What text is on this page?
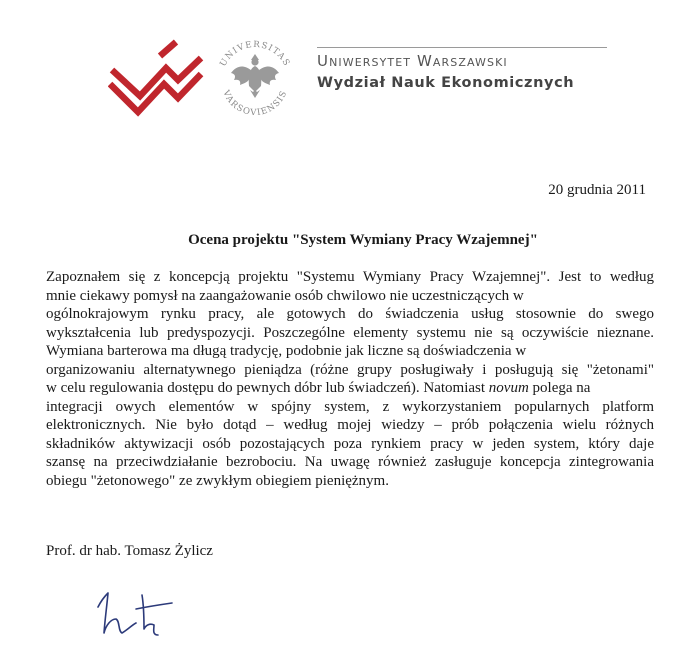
UNIVERSITAS
VARSOVIENSIS
Uniwersytet Warszawski
Wydział Nauk Ekonomicznych
20 grudnia 2011
Ocena projektu "System Wymiany Pracy Wzajemnej"
Zapoznałem się z koncepcją projektu "Systemu Wymiany Pracy Wzajemnej". Jest to według
mnie ciekawy pomysł na zaangażowanie osób chwilowo nie uczestniczących w
ogólnokrajowym rynku pracy, ale gotowych do świadczenia usług stosownie do swego
wykształcenia lub predyspozycji. Poszczególne elementy systemu nie są oczywiście nieznane.
Wymiana barterowa ma długą tradycję, podobnie jak liczne są doświadczenia w
organizowaniu alternatywnego pieniądza (różne grupy posługiwały i posługują się "żetonami"
w celu regulowania dostępu do pewnych dóbr lub świadczeń). Natomiast novum polega na
integracji owych elementów w spójny system, z wykorzystaniem popularnych platform
elektronicznych. Nie było dotąd – według mojej wiedzy – prób połączenia wielu różnych
składników aktywizacji osób pozostających poza rynkiem pracy w jeden system, który daje
szansę na przeciwdziałanie bezrobociu. Na uwagę również zasługuje koncepcja zintegrowania
obiegu "żetonowego" ze zwykłym obiegiem pieniężnym.
Prof. dr hab. Tomasz Żylicz
